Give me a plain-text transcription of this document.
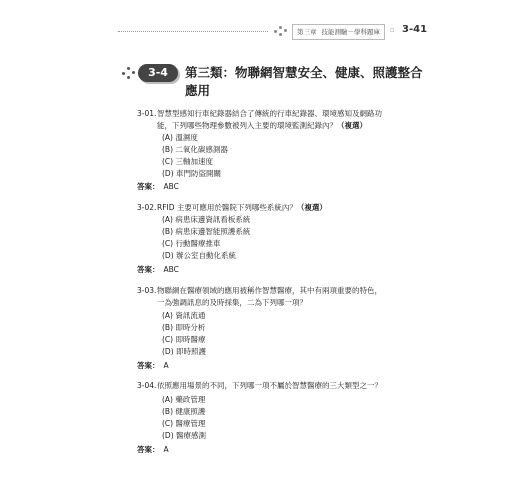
第三章 技能測驗－學科題庫	▫ 3-41
3-4	第三類：物聯網智慧安全、健康、照護整合
應用
3-01.智慧型感知行車紀錄器結合了傳統的行車紀錄器、環境感知及網路功
能，下列哪些物理參數被列入主要的環境監測紀錄內？（複選）
(A) 溫濕度
(B) 二氧化碳感測器
(C) 三軸加速度
(D) 車門防盜開關
答案： ABC
3-02.RFID 主要可應用於醫院下列哪些系統內？（複選）
(A) 病患床邊資訊看板系統
(B) 病患床邊智能照護系統
(C) 行動醫療推車
(D) 辦公室自動化系統
答案： ABC
3-03.物聯網在醫療領域的應用被稱作智慧醫療，其中有兩項重要的特色，
一為強調訊息的及時採集，二為下列哪一項？
(A) 資訊流通
(B) 即時分析
(C) 即時醫療
(D) 即時照護
答案： A
3-04.依照應用場景的不同，下列哪一項不屬於智慧醫療的三大類型之一？
(A) 藥政管理
(B) 健康照護
(C) 醫療管理
(D) 醫療感測
答案： A
